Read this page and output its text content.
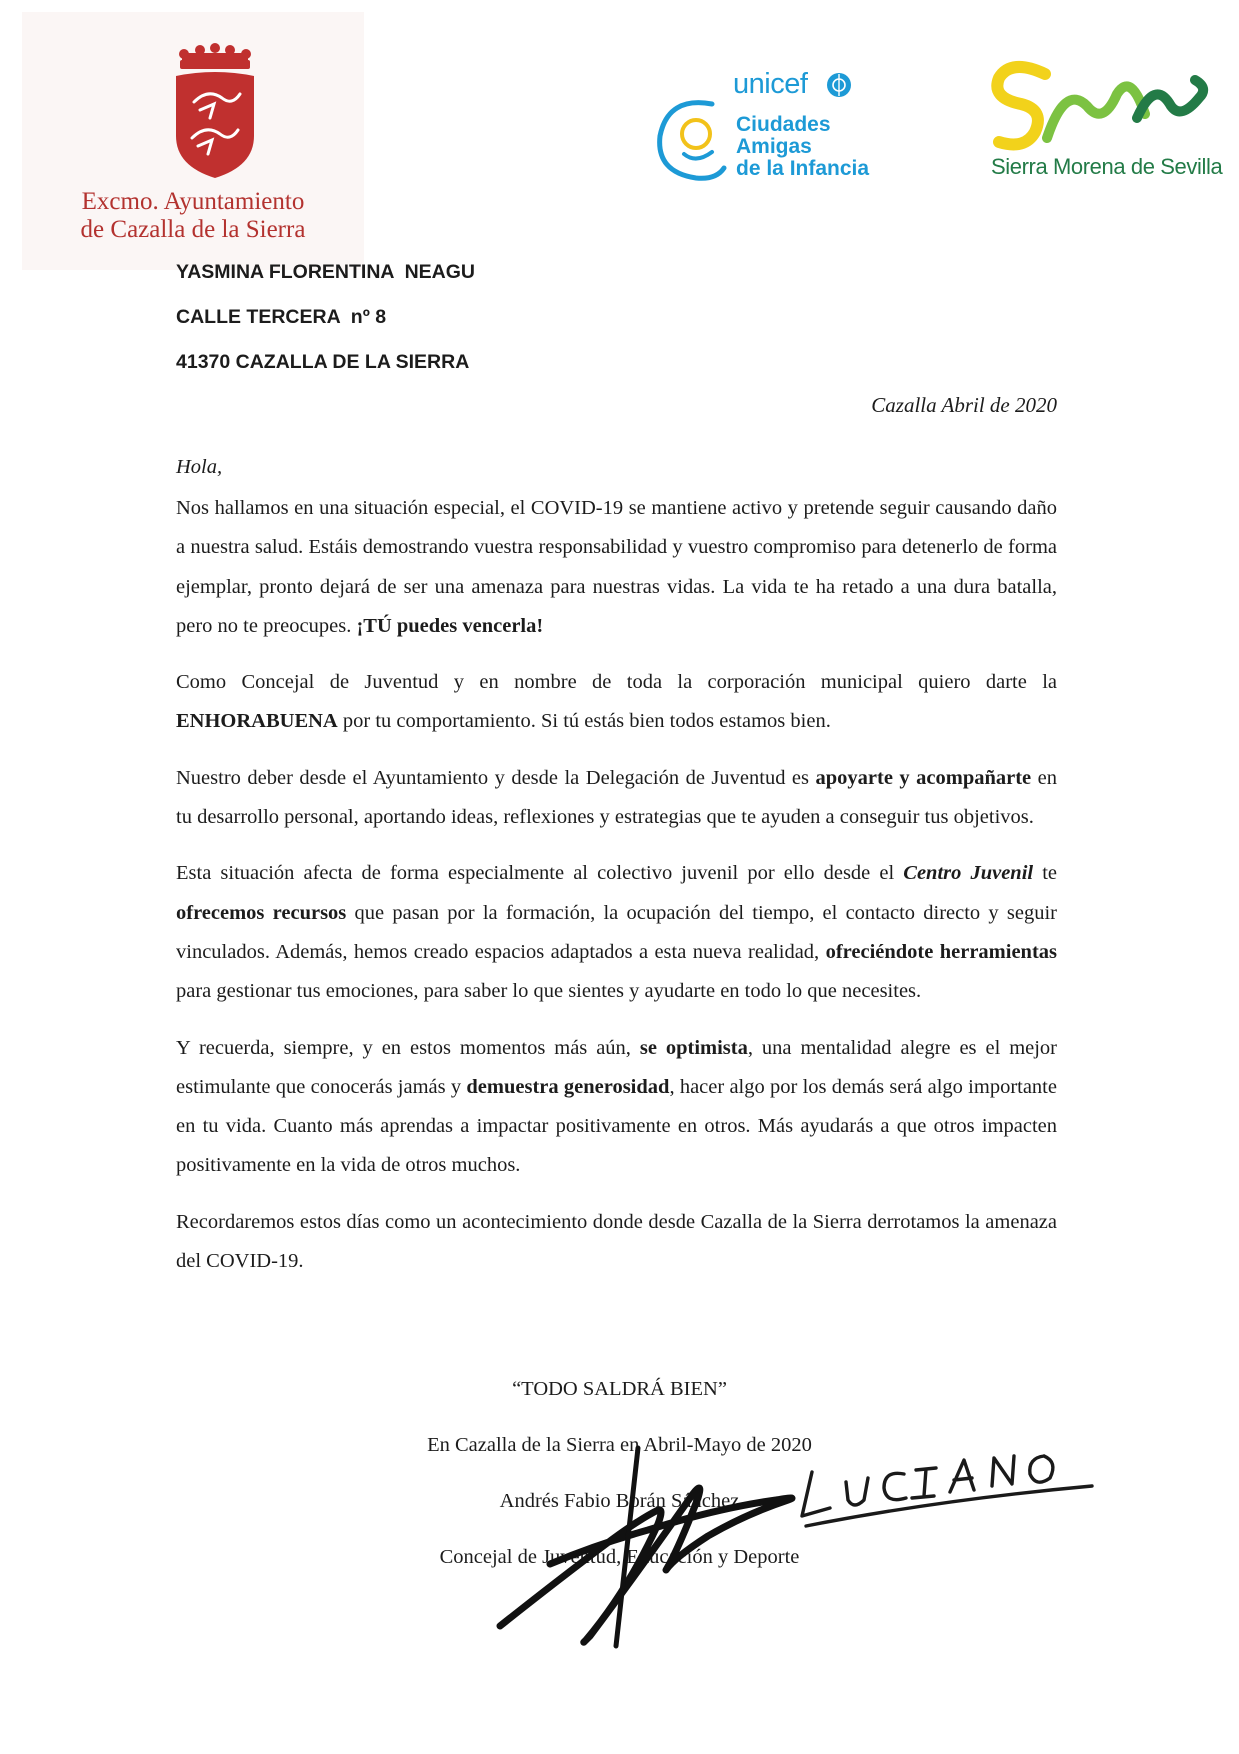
Excmo. Ayuntamiento
de Cazalla de la Sierra
unicef
Ciudades
Amigas
de la Infancia	Sierra Morena de Sevilla
YASMINA FLORENTINA  NEAGU
CALLE TERCERA  nº 8
41370 CAZALLA DE LA SIERRA
Cazalla Abril de 2020
Hola,

Nos hallamos en una situación especial, el COVID-19 se mantiene activo y pretende seguir causando daño a nuestra salud. Estáis demostrando vuestra responsabilidad y vuestro compromiso para detenerlo de forma ejemplar, pronto dejará de ser una amenaza para nuestras vidas. La vida te ha retado a una dura batalla, pero no te preocupes. ¡TÚ puedes vencerla!

Como Concejal de Juventud y en nombre de toda la corporación municipal quiero darte la ENHORABUENA por tu comportamiento. Si tú estás bien todos estamos bien.

Nuestro deber desde el Ayuntamiento y desde la Delegación de Juventud es apoyarte y acompañarte en tu desarrollo personal, aportando ideas, reflexiones y estrategias que te ayuden a conseguir tus objetivos.

Esta situación afecta de forma especialmente al colectivo juvenil por ello desde el Centro Juvenil te ofrecemos recursos que pasan por la formación, la ocupación del tiempo, el contacto directo y seguir vinculados. Además, hemos creado espacios adaptados a esta nueva realidad, ofreciéndote herramientas para gestionar tus emociones, para saber lo que sientes y ayudarte en todo lo que necesites.

Y recuerda, siempre, y en estos momentos más aún, se optimista, una mentalidad alegre es el mejor estimulante que conocerás jamás y demuestra generosidad, hacer algo por los demás será algo importante en tu vida. Cuanto más aprendas a impactar positivamente en otros. Más ayudarás a que otros impacten positivamente en la vida de otros muchos.

Recordaremos estos días como un acontecimiento donde desde Cazalla de la Sierra derrotamos la amenaza del COVID-19.

“TODO SALDRÁ BIEN”
En Cazalla de la Sierra en Abril-Mayo de 2020
Andrés Fabio Borán Sánchez
Concejal de Juventud, Educación y Deporte
